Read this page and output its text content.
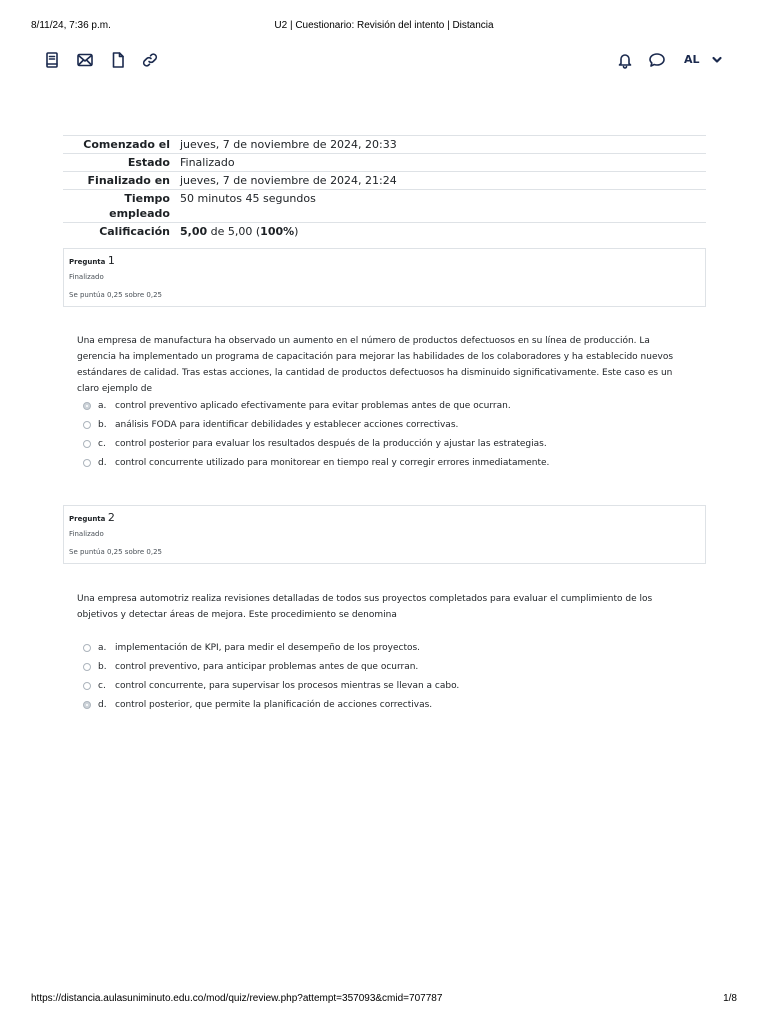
8/11/24, 7:36 p.m.	U2 | Cuestionario: Revisión del intento | Distancia
AL
Comenzado el	jueves, 7 de noviembre de 2024, 20:33
Estado	Finalizado
Finalizado en	jueves, 7 de noviembre de 2024, 21:24
Tiempo empleado	50 minutos 45 segundos
Calificación	5,00 de 5,00 (100%)
Pregunta 1
Finalizado
Se puntúa 0,25 sobre 0,25
Una empresa de manufactura ha observado un aumento en el número de productos defectuosos en su línea de producción. La gerencia ha implementado un programa de capacitación para mejorar las habilidades de los colaboradores y ha establecido nuevos estándares de calidad. Tras estas acciones, la cantidad de productos defectuosos ha disminuido significativamente. Este caso es un claro ejemplo de
a. control preventivo aplicado efectivamente para evitar problemas antes de que ocurran.
b. análisis FODA para identificar debilidades y establecer acciones correctivas.
c.	control posterior para evaluar los resultados después de la producción y ajustar las estrategias.
d. control concurrente utilizado para monitorear en tiempo real y corregir errores inmediatamente.
Pregunta 2
Finalizado
Se puntúa 0,25 sobre 0,25
Una empresa automotriz realiza revisiones detalladas de todos sus proyectos completados para evaluar el cumplimiento de los objetivos y detectar áreas de mejora. Este procedimiento se denomina
a. implementación de KPI, para medir el desempeño de los proyectos.
b. control preventivo, para anticipar problemas antes de que ocurran.
c.	control concurrente, para supervisar los procesos mientras se llevan a cabo.
d. control posterior, que permite la planificación de acciones correctivas.
https://distancia.aulasuniminuto.edu.co/mod/quiz/review.php?attempt=357093&cmid=707787	1/8
